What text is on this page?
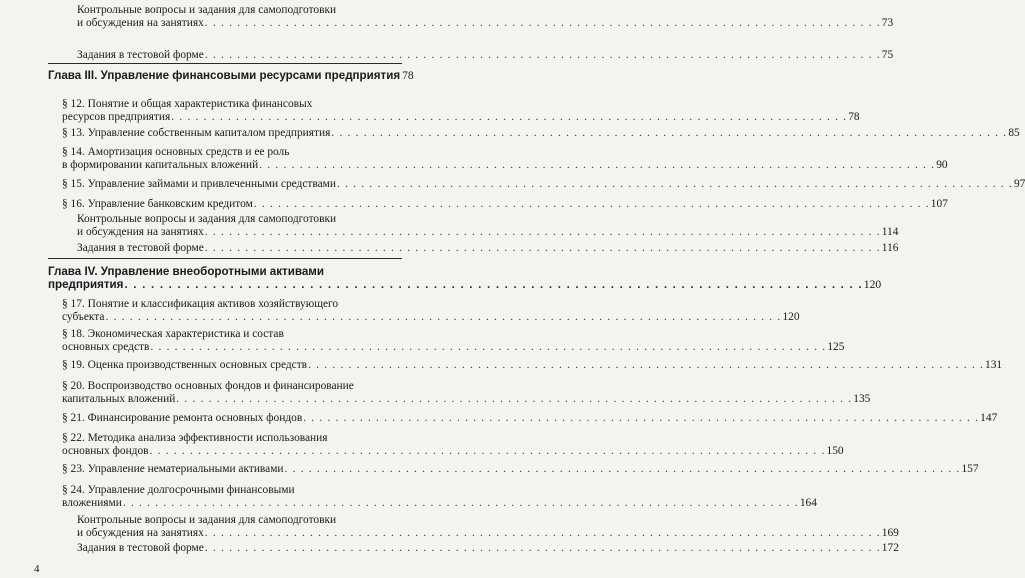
Контрольные вопросы и задания для самоподготовки
и обсуждения на занятиях . . .	73
Задания в тестовой форме . . .	75
Глава III. Управление финансовыми ресурсами предприятия 78
§ 12. Понятие и общая характеристика финансовых
ресурсов предприятия . . .	78
§ 13. Управление собственным капиталом предприятия . . .	85
§ 14. Амортизация основных средств и ее роль
в формировании капитальных вложений . . .	90
§ 15. Управление займами и привлеченными средствами . . .	97
§ 16. Управление банковским кредитом . . .	107
Контрольные вопросы и задания для самоподготовки
и обсуждения на занятиях . . .	114
Задания в тестовой форме . . .	116
Глава IV. Управление внеоборотными активами
предприятия . . .	120
§ 17. Понятие и классификация активов хозяйствующего
субъекта . . .	120
§ 18. Экономическая характеристика и состав
основных средств . . .	125
§ 19. Оценка производственных основных средств . . .	131
§ 20. Воспроизводство основных фондов и финансирование
капитальных вложений . . .	135
§ 21. Финансирование ремонта основных фондов . . .	147
§ 22. Методика анализа эффективности использования
основных фондов . . .	150
§ 23. Управление нематериальными активами . . .	157
§ 24. Управление долгосрочными финансовыми
вложениями . . .	164
Контрольные вопросы и задания для самоподготовки
и обсуждения на занятиях . . .	169
Задания в тестовой форме . . .	172
4
